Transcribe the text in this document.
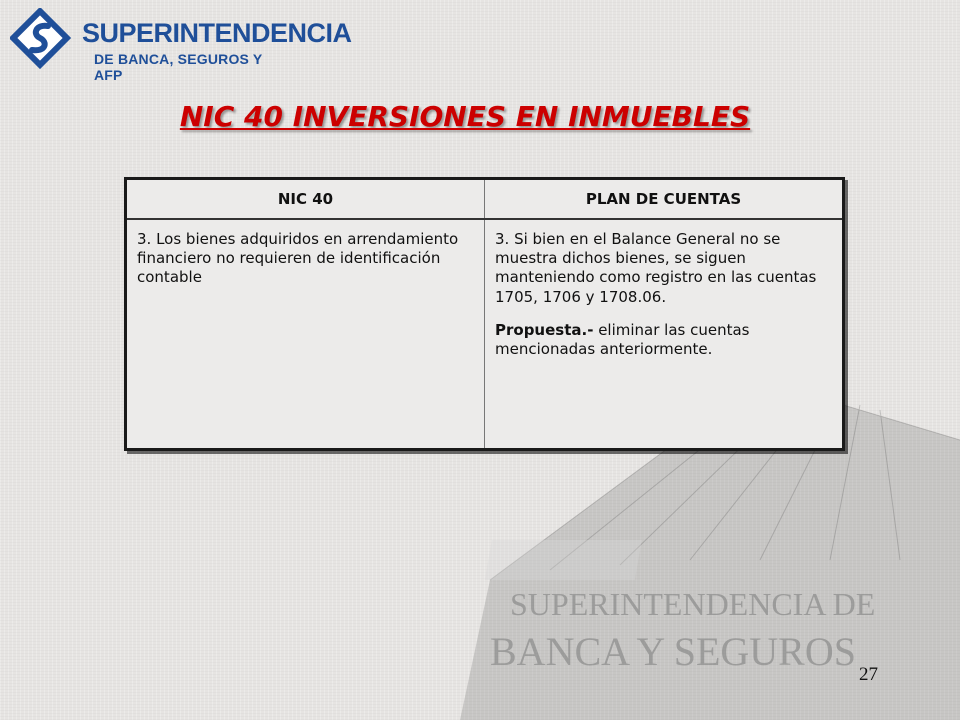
SUPERINTENDENCIA DE
BANCA Y SEGUROS
SUPERINTENDENCIA
DE BANCA, SEGUROS Y AFP
NIC 40 INVERSIONES EN INMUEBLES
NIC 40	PLAN DE CUENTAS

3. Los bienes adquiridos en arrendamiento financiero no requieren de identificación contable	3. Si bien en el Balance General no se muestra dichos bienes, se siguen manteniendo como registro en las cuentas 1705, 1706 y 1708.06.

Propuesta.- eliminar las cuentas mencionadas anteriormente.

27
